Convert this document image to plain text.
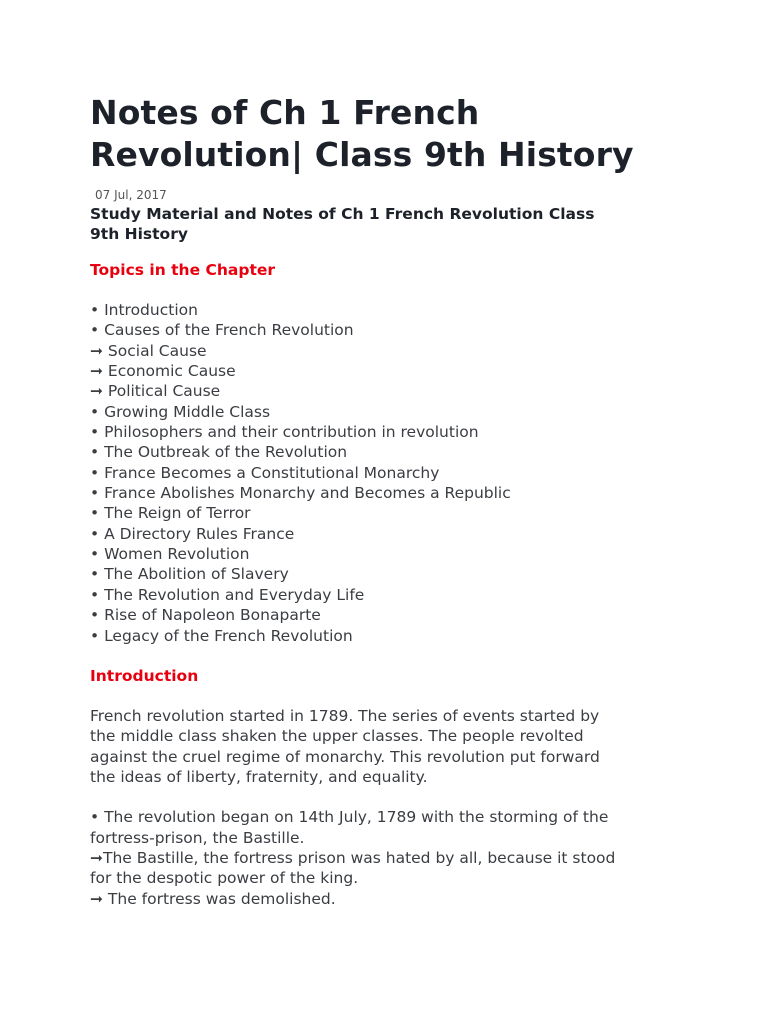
Notes of Ch 1 French
Revolution| Class 9th History
07 Jul, 2017
Study Material and Notes of Ch 1 French Revolution Class
9th History
Topics in the Chapter
• Introduction
• Causes of the French Revolution
➞ Social Cause
➞ Economic Cause
➞ Political Cause
• Growing Middle Class
• Philosophers and their contribution in revolution
• The Outbreak of the Revolution
• France Becomes a Constitutional Monarchy
• France Abolishes Monarchy and Becomes a Republic
• The Reign of Terror
• A Directory Rules France
• Women Revolution
• The Abolition of Slavery
• The Revolution and Everyday Life
• Rise of Napoleon Bonaparte
• Legacy of the French Revolution
Introduction

French revolution started in 1789. The series of events started by
the middle class shaken the upper classes. The people revolted
against the cruel regime of monarchy. This revolution put forward
the ideas of liberty, fraternity, and equality.

• The revolution began on 14th July, 1789 with the storming of the
fortress-prison, the Bastille.
➞The Bastille, the fortress prison was hated by all, because it stood
for the despotic power of the king.
➞ The fortress was demolished.
